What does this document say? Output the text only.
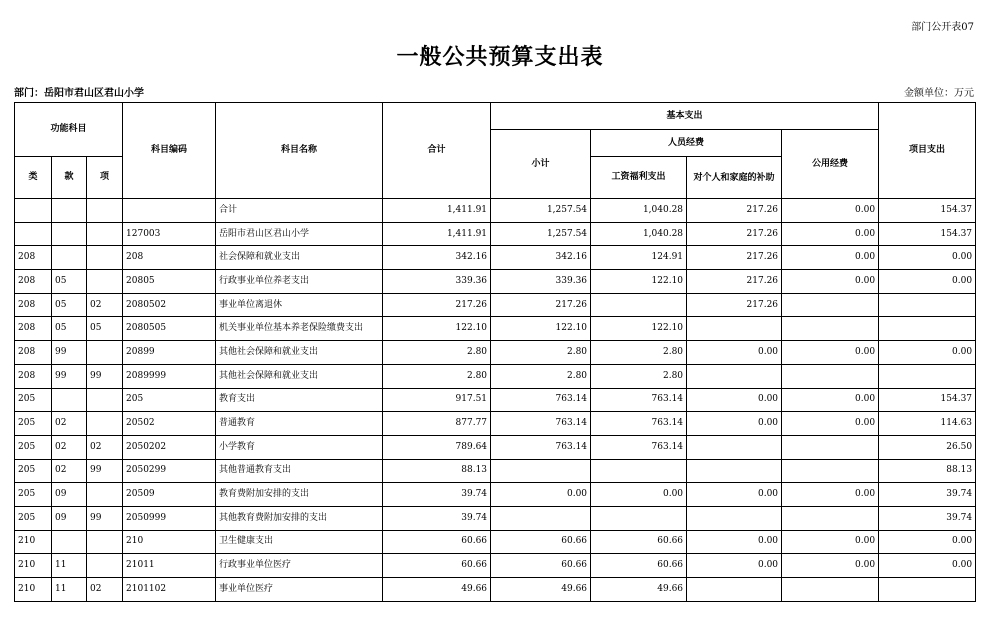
部门公开表07
一般公共预算支出表
部门：岳阳市君山区君山小学	金额单位：万元
功能科目			科目编码	科目名称	合计	基本支出				项目支出
						小计	人员经费		公用经费	
类	款	项					工资福利支出	对个人和家庭的补助		
				合计	1,411.91	1,257.54	1,040.28	217.26	0.00	154.37
			127003	岳阳市君山区君山小学	1,411.91	1,257.54	1,040.28	217.26	0.00	154.37
208			208	社会保障和就业支出	342.16	342.16	124.91	217.26	0.00	0.00
208	05		20805	行政事业单位养老支出	339.36	339.36	122.10	217.26	0.00	0.00
208	05	02	2080502	事业单位离退休	217.26	217.26		217.26		
208	05	05	2080505	机关事业单位基本养老保险缴费支出	122.10	122.10	122.10			
208	99		20899	其他社会保障和就业支出	2.80	2.80	2.80	0.00	0.00	0.00
208	99	99	2089999	其他社会保障和就业支出	2.80	2.80	2.80			
205			205	教育支出	917.51	763.14	763.14	0.00	0.00	154.37
205	02		20502	普通教育	877.77	763.14	763.14	0.00	0.00	114.63
205	02	02	2050202	小学教育	789.64	763.14	763.14			26.50
205	02	99	2050299	其他普通教育支出	88.13					88.13
205	09		20509	教育费附加安排的支出	39.74	0.00	0.00	0.00	0.00	39.74
205	09	99	2050999	其他教育费附加安排的支出	39.74					39.74
210			210	卫生健康支出	60.66	60.66	60.66	0.00	0.00	0.00
210	11		21011	行政事业单位医疗	60.66	60.66	60.66	0.00	0.00	0.00
210	11	02	2101102	事业单位医疗	49.66	49.66	49.66			
